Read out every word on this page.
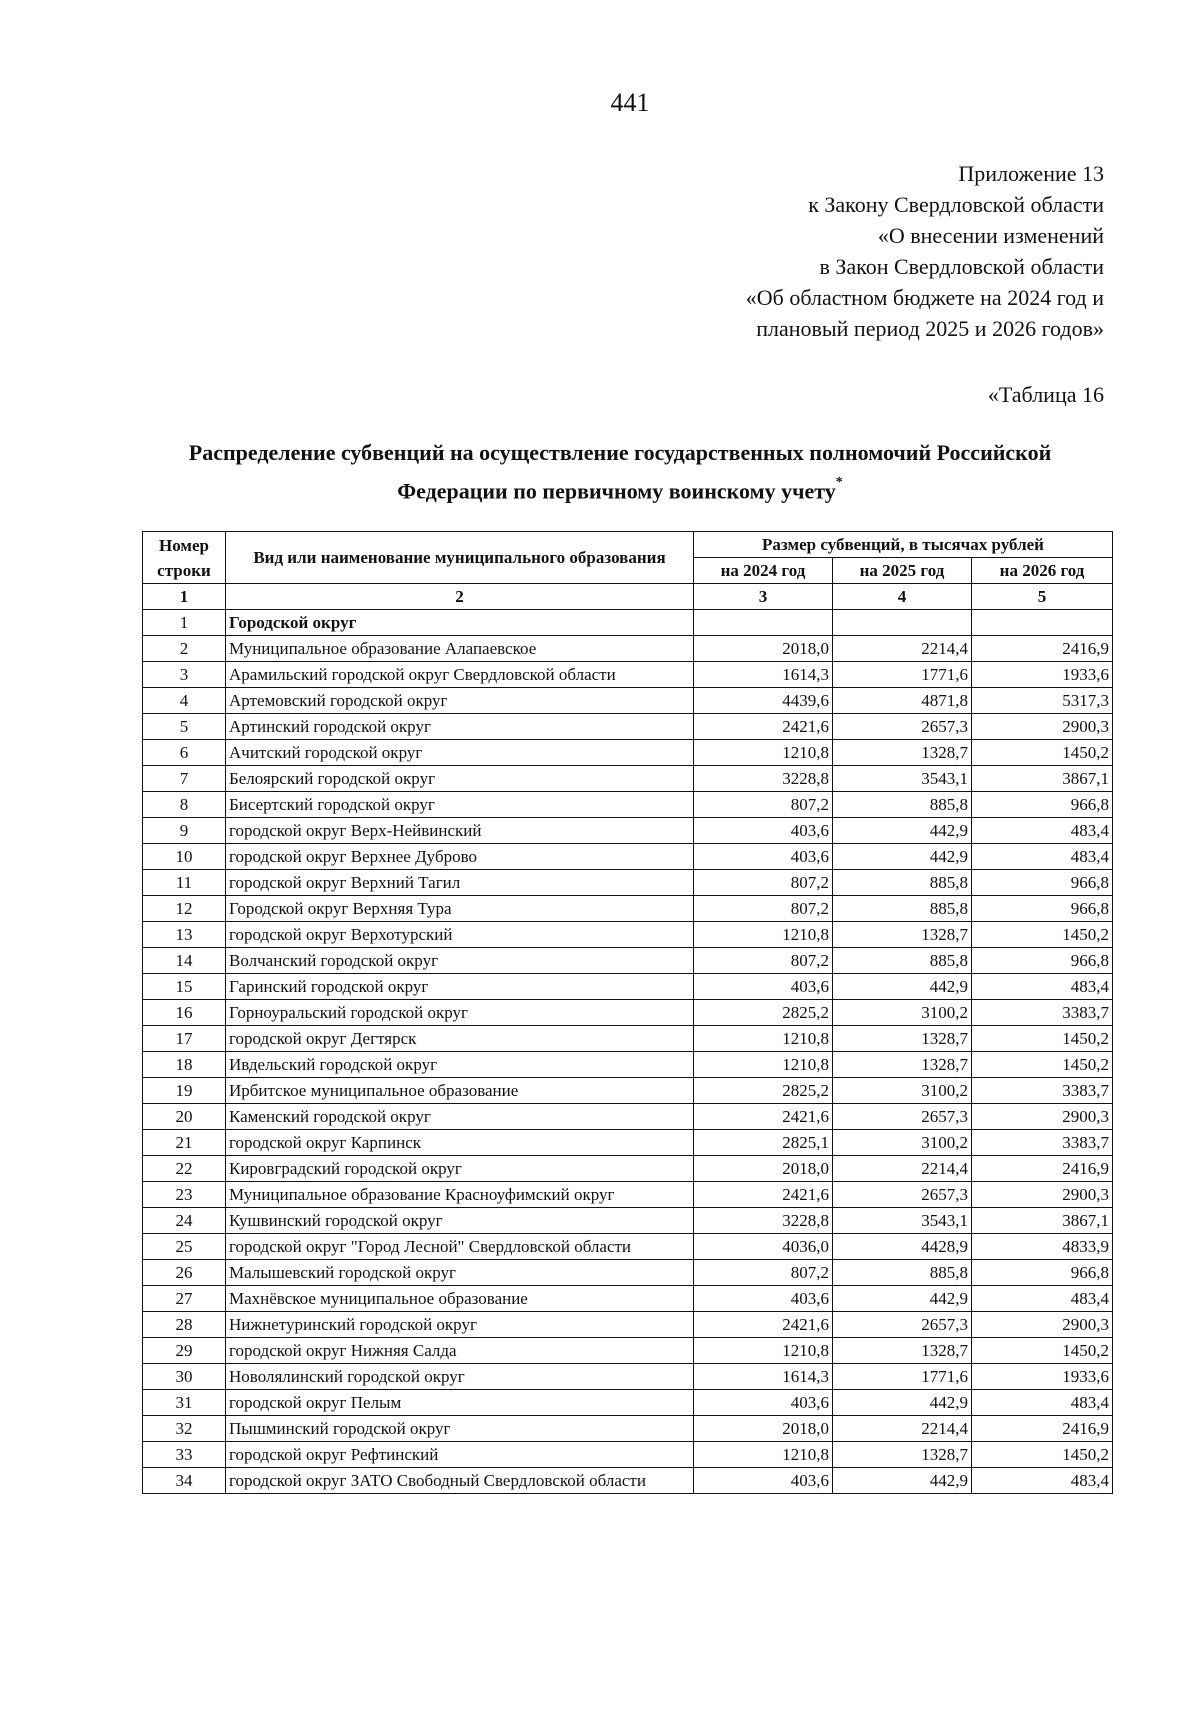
441
Приложение 13
к Закону Свердловской области
«О внесении изменений
в Закон Свердловской области
«Об областном бюджете на 2024 год и
плановый период 2025 и 2026 годов»
«Таблица 16
Распределение субвенций на осуществление государственных полномочий Российской
Федерации по первичному воинскому учету*
Номер строки	Вид или наименование муниципального образования	Размер субвенций, в тысячах рублей		
		на 2024 год	на 2025 год	на 2026 год
1	2	3	4	5
1	Городской округ			
2	Муниципальное образование Алапаевское	2018,0	2214,4	2416,9
3	Арамильский городской округ Свердловской области	1614,3	1771,6	1933,6
4	Артемовский городской округ	4439,6	4871,8	5317,3
5	Артинский городской округ	2421,6	2657,3	2900,3
6	Ачитский городской округ	1210,8	1328,7	1450,2
7	Белоярский городской округ	3228,8	3543,1	3867,1
8	Бисертский городской округ	807,2	885,8	966,8
9	городской округ Верх-Нейвинский	403,6	442,9	483,4
10	городской округ Верхнее Дуброво	403,6	442,9	483,4
11	городской округ Верхний Тагил	807,2	885,8	966,8
12	Городской округ Верхняя Тура	807,2	885,8	966,8
13	городской округ Верхотурский	1210,8	1328,7	1450,2
14	Волчанский городской округ	807,2	885,8	966,8
15	Гаринский городской округ	403,6	442,9	483,4
16	Горноуральский городской округ	2825,2	3100,2	3383,7
17	городской округ Дегтярск	1210,8	1328,7	1450,2
18	Ивдельский городской округ	1210,8	1328,7	1450,2
19	Ирбитское муниципальное образование	2825,2	3100,2	3383,7
20	Каменский городской округ	2421,6	2657,3	2900,3
21	городской округ Карпинск	2825,1	3100,2	3383,7
22	Кировградский городской округ	2018,0	2214,4	2416,9
23	Муниципальное образование Красноуфимский округ	2421,6	2657,3	2900,3
24	Кушвинский городской округ	3228,8	3543,1	3867,1
25	городской округ "Город Лесной" Свердловской области	4036,0	4428,9	4833,9
26	Малышевский городской округ	807,2	885,8	966,8
27	Махнёвское муниципальное образование	403,6	442,9	483,4
28	Нижнетуринский городской округ	2421,6	2657,3	2900,3
29	городской округ Нижняя Салда	1210,8	1328,7	1450,2
30	Новолялинский городской округ	1614,3	1771,6	1933,6
31	городской округ Пелым	403,6	442,9	483,4
32	Пышминский городской округ	2018,0	2214,4	2416,9
33	городской округ Рефтинский	1210,8	1328,7	1450,2
34	городской округ ЗАТО Свободный Свердловской области	403,6	442,9	483,4
